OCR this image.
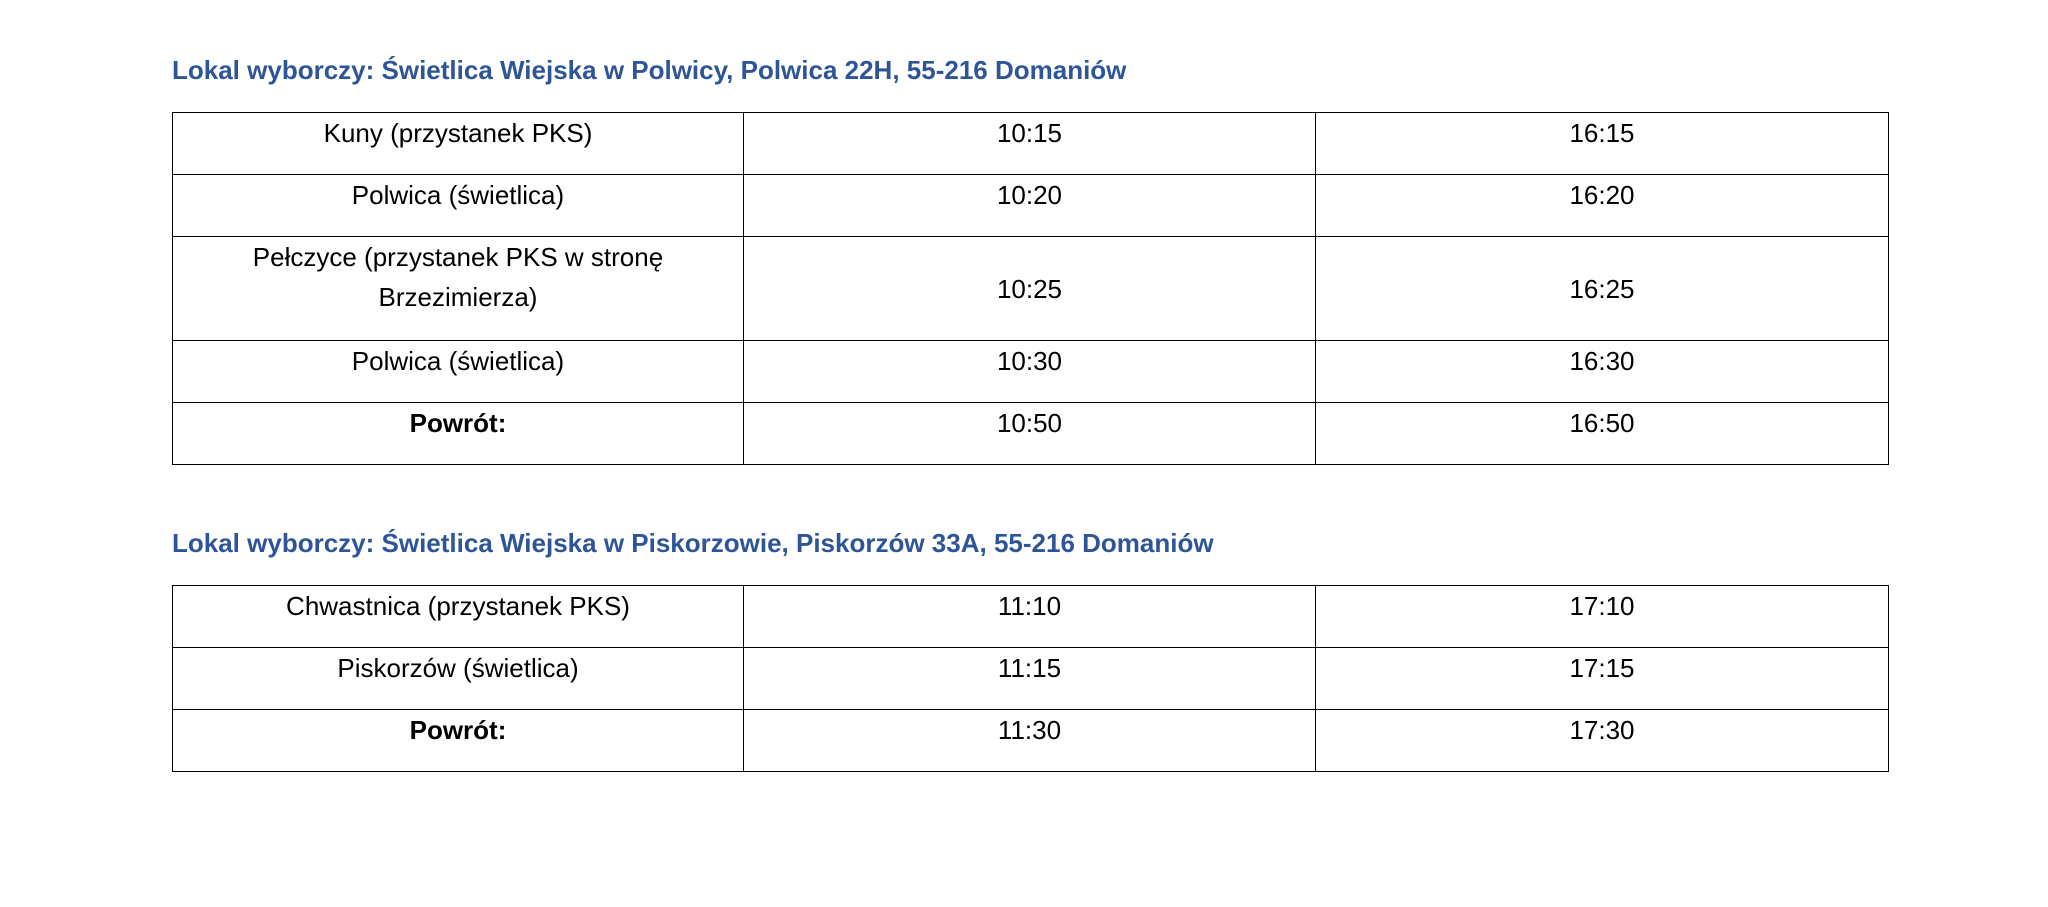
Lokal wyborczy: Świetlica Wiejska w Polwicy, Polwica 22H, 55-216 Domaniów
Kuny (przystanek PKS)	10:15	16:15
Polwica (świetlica)	10:20	16:20

Pełczyce (przystanek PKS w stronę
Brzezimierza)	10:25	16:25
Polwica (świetlica)	10:30	16:30
Powrót:	10:50	16:50
Lokal wyborczy: Świetlica Wiejska w Piskorzowie, Piskorzów 33A, 55-216 Domaniów
Chwastnica (przystanek PKS)	11:10	17:10
Piskorzów (świetlica)	11:15	17:15
Powrót:	11:30	17:30
